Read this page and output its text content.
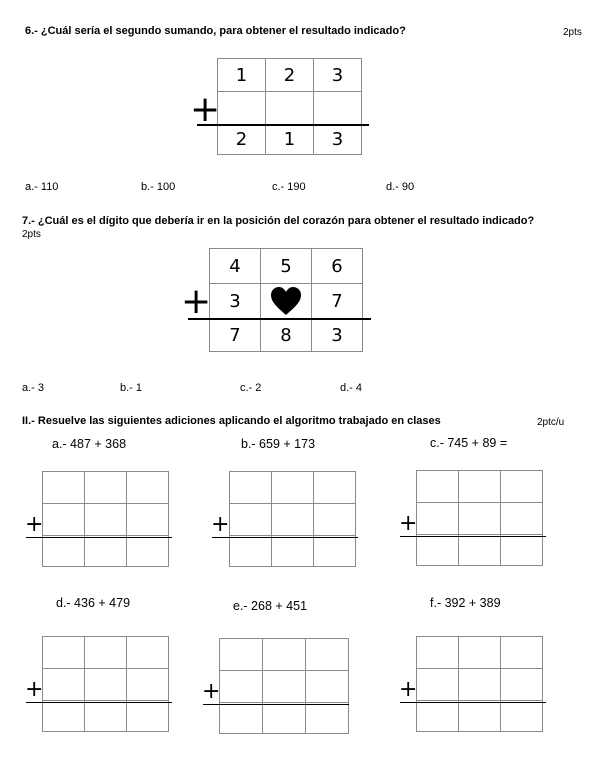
6.- ¿Cuál sería el segundo sumando, para obtener el resultado indicado?	2pts
1	2	3

2	1	3
+
a.- 110	b.- 100	c.- 190	d.- 90
7.- ¿Cuál es el dígito que debería ir en la posición del corazón para obtener el resultado indicado?
2pts
4	5	6
3		7
7	8	3
+
a.- 3	b.- 1	c.- 2	d.- 4
II.- Resuelve las siguientes adiciones aplicando el algoritmo trabajado en clases	2ptc/u
a.- 487 + 368

+
b.- 659 + 173

+
c.- 745 + 89 =

+
d.- 436 + 479

+
e.- 268 + 451

+
f.- 392 + 389

+
